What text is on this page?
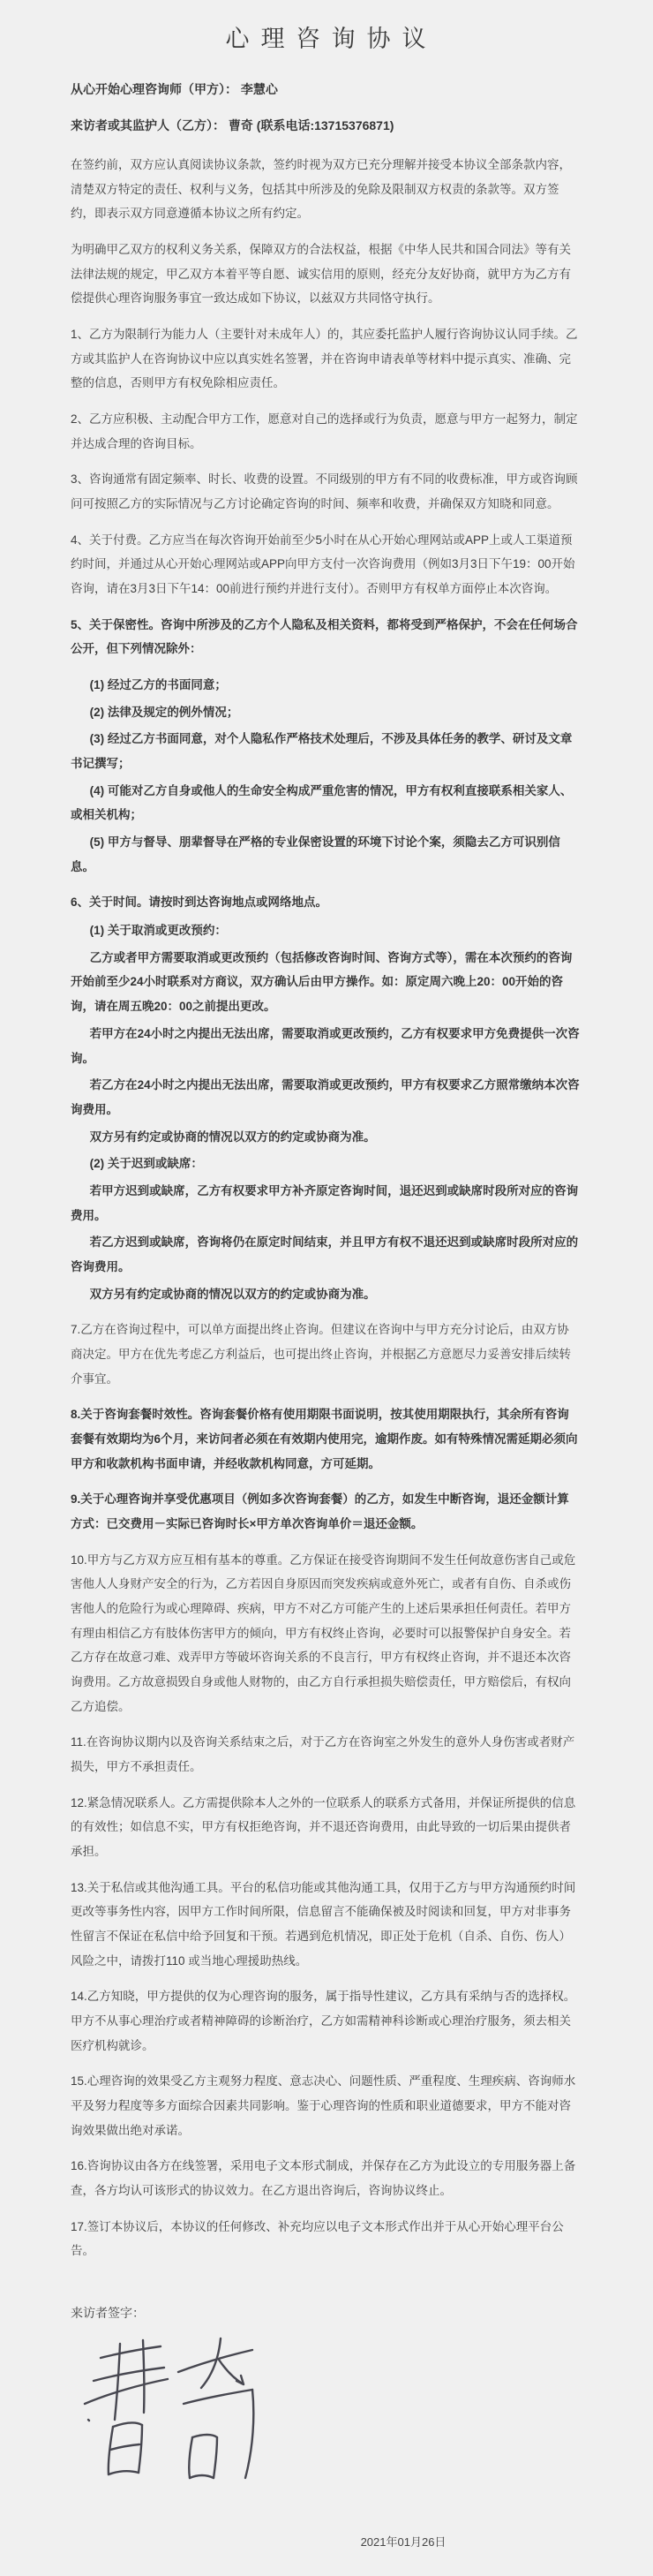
心理咨询协议
从心开始心理咨询师（甲方）： 李慧心
来访者或其监护人（乙方）： 曹奇 (联系电话:13715376871)

在签约前，双方应认真阅读协议条款，签约时视为双方已充分理解并接受本协议全部条款内容，清楚双方特定的责任、权利与义务，包括其中所涉及的免除及限制双方权责的条款等。双方签约，即表示双方同意遵循本协议之所有约定。

为明确甲乙双方的权利义务关系，保障双方的合法权益，根据《中华人民共和国合同法》等有关法律法规的规定，甲乙双方本着平等自愿、诚实信用的原则，经充分友好协商，就甲方为乙方有偿提供心理咨询服务事宜一致达成如下协议，以兹双方共同恪守执行。

1、乙方为限制行为能力人（主要针对未成年人）的，其应委托监护人履行咨询协议认同手续。乙方或其监护人在咨询协议中应以真实姓名签署，并在咨询申请表单等材料中提示真实、准确、完整的信息，否则甲方有权免除相应责任。

2、乙方应积极、主动配合甲方工作，愿意对自己的选择或行为负责，愿意与甲方一起努力，制定并达成合理的咨询目标。

3、咨询通常有固定频率、时长、收费的设置。不同级别的甲方有不同的收费标准，甲方或咨询顾问可按照乙方的实际情况与乙方讨论确定咨询的时间、频率和收费，并确保双方知晓和同意。

4、关于付费。乙方应当在每次咨询开始前至少5小时在从心开始心理网站或APP上或人工渠道预约时间，并通过从心开始心理网站或APP向甲方支付一次咨询费用（例如3月3日下午19：00开始咨询，请在3月3日下午14：00前进行预约并进行支付）。否则甲方有权单方面停止本次咨询。

5、关于保密性。咨询中所涉及的乙方个人隐私及相关资料，都将受到严格保护，不会在任何场合公开，但下列情况除外：

(1) 经过乙方的书面同意；

(2) 法律及规定的例外情况；

(3) 经过乙方书面同意，对个人隐私作严格技术处理后，不涉及具体任务的教学、研讨及文章书记撰写；

(4) 可能对乙方自身或他人的生命安全构成严重危害的情况，甲方有权利直接联系相关家人、或相关机构；

(5) 甲方与督导、朋辈督导在严格的专业保密设置的环境下讨论个案，须隐去乙方可识别信息。

6、关于时间。请按时到达咨询地点或网络地点。

(1) 关于取消或更改预约：

乙方或者甲方需要取消或更改预约（包括修改咨询时间、咨询方式等），需在本次预约的咨询开始前至少24小时联系对方商议，双方确认后由甲方操作。如：原定周六晚上20：00开始的咨询，请在周五晚20：00之前提出更改。

若甲方在24小时之内提出无法出席，需要取消或更改预约，乙方有权要求甲方免费提供一次咨询。

若乙方在24小时之内提出无法出席，需要取消或更改预约，甲方有权要求乙方照常缴纳本次咨询费用。

双方另有约定或协商的情况以双方的约定或协商为准。

(2) 关于迟到或缺席：

若甲方迟到或缺席，乙方有权要求甲方补齐原定咨询时间，退还迟到或缺席时段所对应的咨询费用。

若乙方迟到或缺席，咨询将仍在原定时间结束，并且甲方有权不退还迟到或缺席时段所对应的咨询费用。

双方另有约定或协商的情况以双方的约定或协商为准。

7.乙方在咨询过程中，可以单方面提出终止咨询。但建议在咨询中与甲方充分讨论后，由双方协商决定。甲方在优先考虑乙方利益后，也可提出终止咨询，并根据乙方意愿尽力妥善安排后续转介事宜。

8.关于咨询套餐时效性。咨询套餐价格有使用期限书面说明，按其使用期限执行，其余所有咨询套餐有效期均为6个月，来访问者必须在有效期内使用完，逾期作废。如有特殊情况需延期必须向甲方和收款机构书面申请，并经收款机构同意，方可延期。

9.关于心理咨询并享受优惠项目（例如多次咨询套餐）的乙方，如发生中断咨询，退还金额计算方式：已交费用－实际已咨询时长×甲方单次咨询单价＝退还金额。

10.甲方与乙方双方应互相有基本的尊重。乙方保证在接受咨询期间不发生任何故意伤害自己或危害他人人身财产安全的行为，乙方若因自身原因而突发疾病或意外死亡，或者有自伤、自杀或伤害他人的危险行为或心理障碍、疾病，甲方不对乙方可能产生的上述后果承担任何责任。若甲方有理由相信乙方有肢体伤害甲方的倾向，甲方有权终止咨询，必要时可以报警保护自身安全。若乙方存在故意刁难、戏弄甲方等破坏咨询关系的不良言行，甲方有权终止咨询，并不退还本次咨询费用。乙方故意损毁自身或他人财物的，由乙方自行承担损失赔偿责任，甲方赔偿后，有权向乙方追偿。

11.在咨询协议期内以及咨询关系结束之后，对于乙方在咨询室之外发生的意外人身伤害或者财产损失，甲方不承担责任。

12.紧急情况联系人。乙方需提供除本人之外的一位联系人的联系方式备用，并保证所提供的信息的有效性；如信息不实，甲方有权拒绝咨询，并不退还咨询费用，由此导致的一切后果由提供者承担。

13.关于私信或其他沟通工具。平台的私信功能或其他沟通工具，仅用于乙方与甲方沟通预约时间更改等事务性内容，因甲方工作时间所限，信息留言不能确保被及时阅读和回复，甲方对非事务性留言不保证在私信中给予回复和干预。若遇到危机情况，即正处于危机（自杀、自伤、伤人）风险之中，请拨打110 或当地心理援助热线。

14.乙方知晓，甲方提供的仅为心理咨询的服务，属于指导性建议，乙方具有采纳与否的选择权。甲方不从事心理治疗或者精神障碍的诊断治疗，乙方如需精神科诊断或心理治疗服务，须去相关医疗机构就诊。

15.心理咨询的效果受乙方主观努力程度、意志决心、问题性质、严重程度、生理疾病、咨询师水平及努力程度等多方面综合因素共同影响。鉴于心理咨询的性质和职业道德要求，甲方不能对咨询效果做出绝对承诺。

16.咨询协议由各方在线签署，采用电子文本形式制成，并保存在乙方为此设立的专用服务器上备查，各方均认可该形式的协议效力。在乙方退出咨询后，咨询协议终止。

17.签订本协议后，本协议的任何修改、补充均应以电子文本形式作出并于从心开始心理平台公告。

来访者签字：
2021年01月26日
